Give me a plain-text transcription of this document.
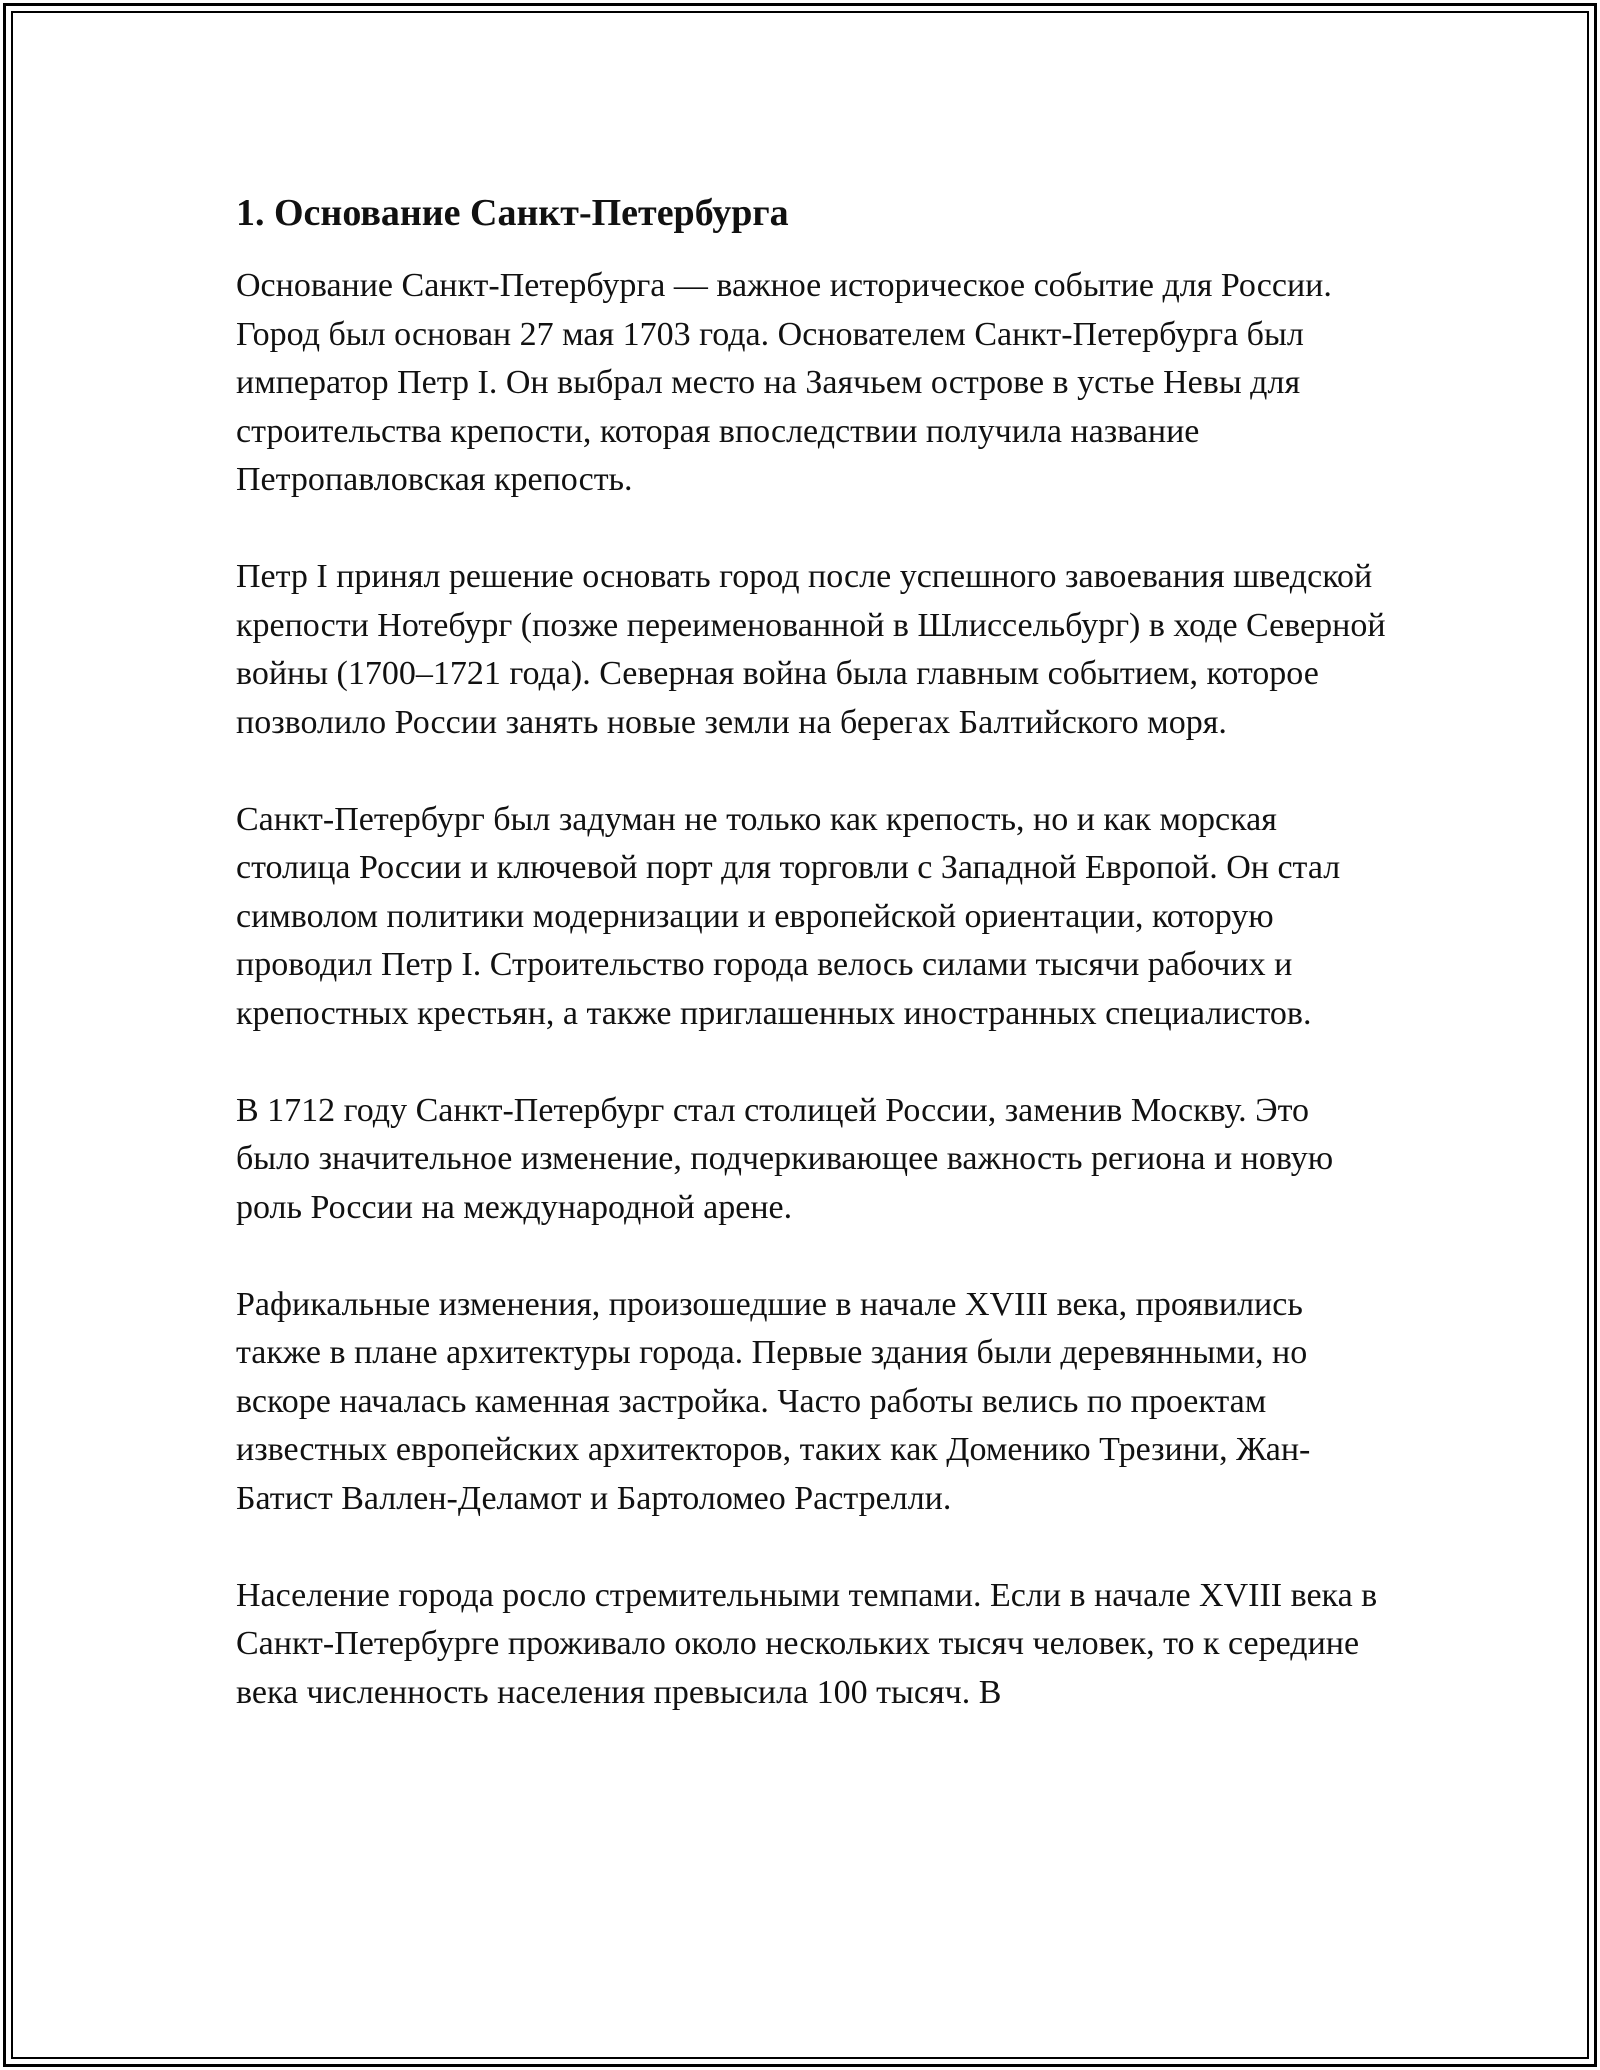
1. Основание Санкт-Петербурга

Основание Санкт-Петербурга — важное историческое событие для России. Город был основан 27 мая 1703 года. Основателем Санкт-Петербурга был император Петр I. Он выбрал место на Заячьем острове в устье Невы для строительства крепости, которая впоследствии получила название Петропавловская крепость.

Петр I принял решение основать город после успешного завоевания шведской крепости Нотебург (позже переименованной в Шлиссельбург) в ходе Северной войны (1700–1721 года). Северная война была главным событием, которое позволило России занять новые земли на берегах Балтийского моря.

Санкт-Петербург был задуман не только как крепость, но и как морская столица России и ключевой порт для торговли с Западной Европой. Он стал символом политики модернизации и европейской ориентации, которую проводил Петр I. Строительство города велось силами тысячи рабочих и крепостных крестьян, а также приглашенных иностранных специалистов.

В 1712 году Санкт-Петербург стал столицей России, заменив Москву. Это было значительное изменение, подчеркивающее важность региона и новую роль России на международной арене.

Рафикальные изменения, произошедшие в начале XVIII века, проявились также в плане архитектуры города. Первые здания были деревянными, но вскоре началась каменная застройка. Часто работы велись по проектам известных европейских архитекторов, таких как Доменико Трезини, Жан-Батист Валлен-Деламот и Бартоломео Растрелли.

Население города росло стремительными темпами. Если в начале XVIII века в Санкт-Петербурге проживало около нескольких тысяч человек, то к середине века численность населения превысила 100 тысяч. В
